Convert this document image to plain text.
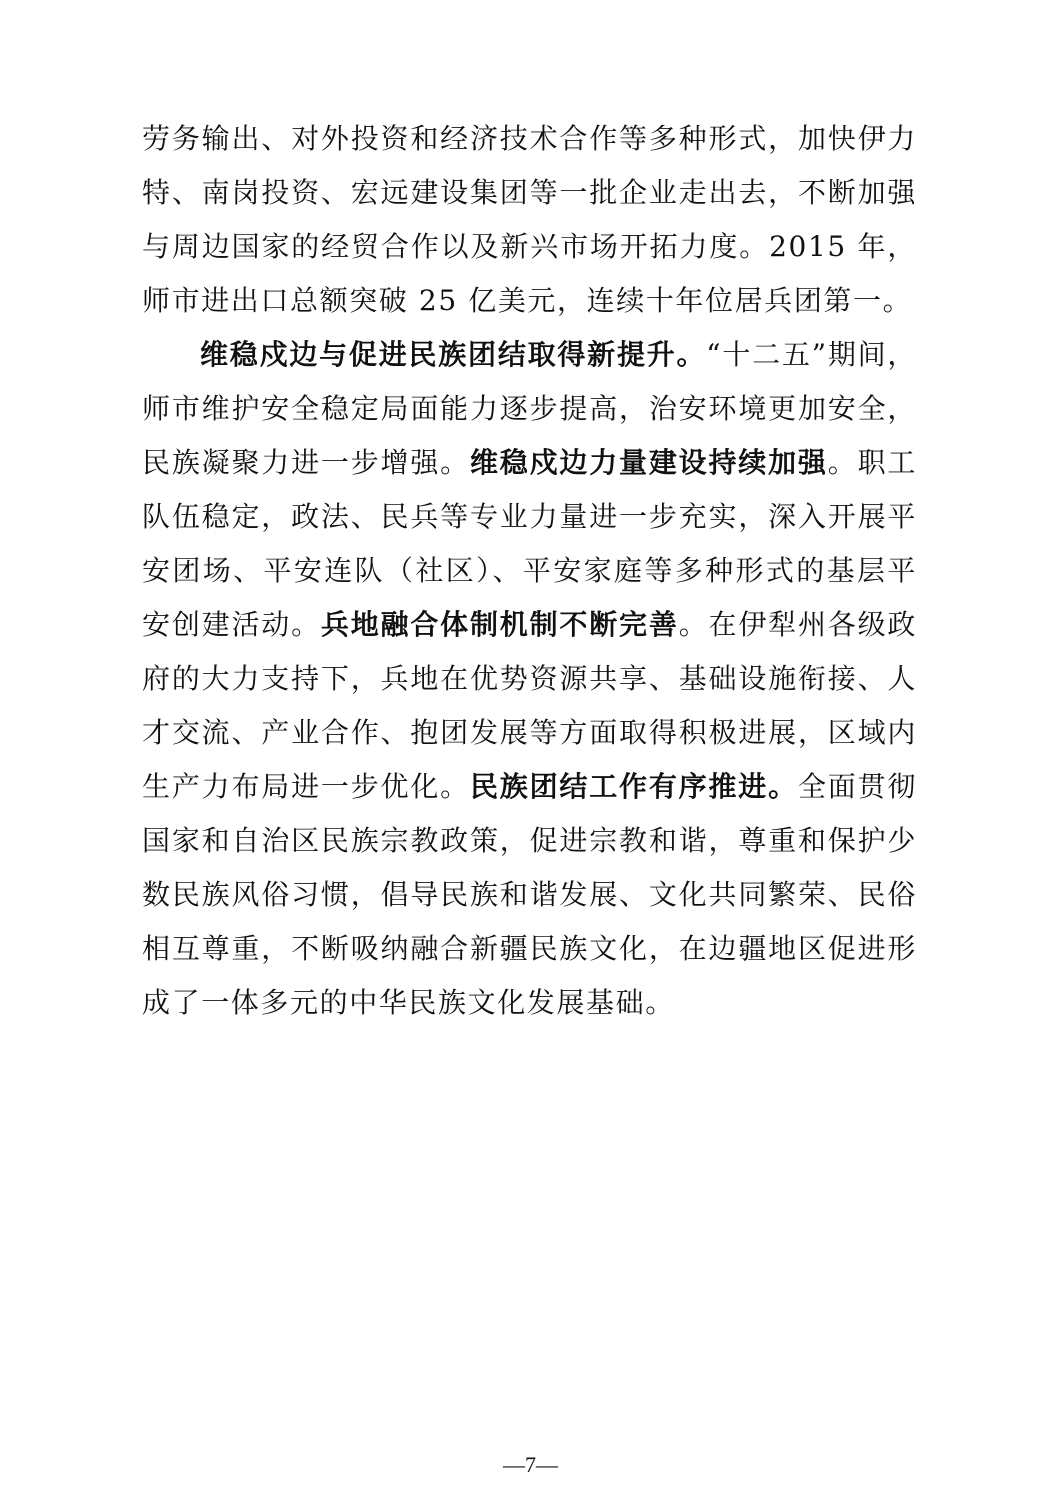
劳务输出、对外投资和经济技术合作等多种形式，加快伊力特、南岗投资、宏远建设集团等一批企业走出去，不断加强与周边国家的经贸合作以及新兴市场开拓力度。2015 年，师市进出口总额突破 25 亿美元，连续十年位居兵团第一。

维稳戍边与促进民族团结取得新提升。“十二五”期间，师市维护安全稳定局面能力逐步提高，治安环境更加安全，民族凝聚力进一步增强。维稳戍边力量建设持续加强。职工队伍稳定，政法、民兵等专业力量进一步充实，深入开展平安团场、平安连队（社区）、平安家庭等多种形式的基层平安创建活动。兵地融合体制机制不断完善。在伊犁州各级政府的大力支持下，兵地在优势资源共享、基础设施衔接、人才交流、产业合作、抱团发展等方面取得积极进展，区域内生产力布局进一步优化。民族团结工作有序推进。全面贯彻国家和自治区民族宗教政策，促进宗教和谐，尊重和保护少数民族风俗习惯，倡导民族和谐发展、文化共同繁荣、民俗相互尊重，不断吸纳融合新疆民族文化，在边疆地区促进形成了一体多元的中华民族文化发展基础。

—7—
